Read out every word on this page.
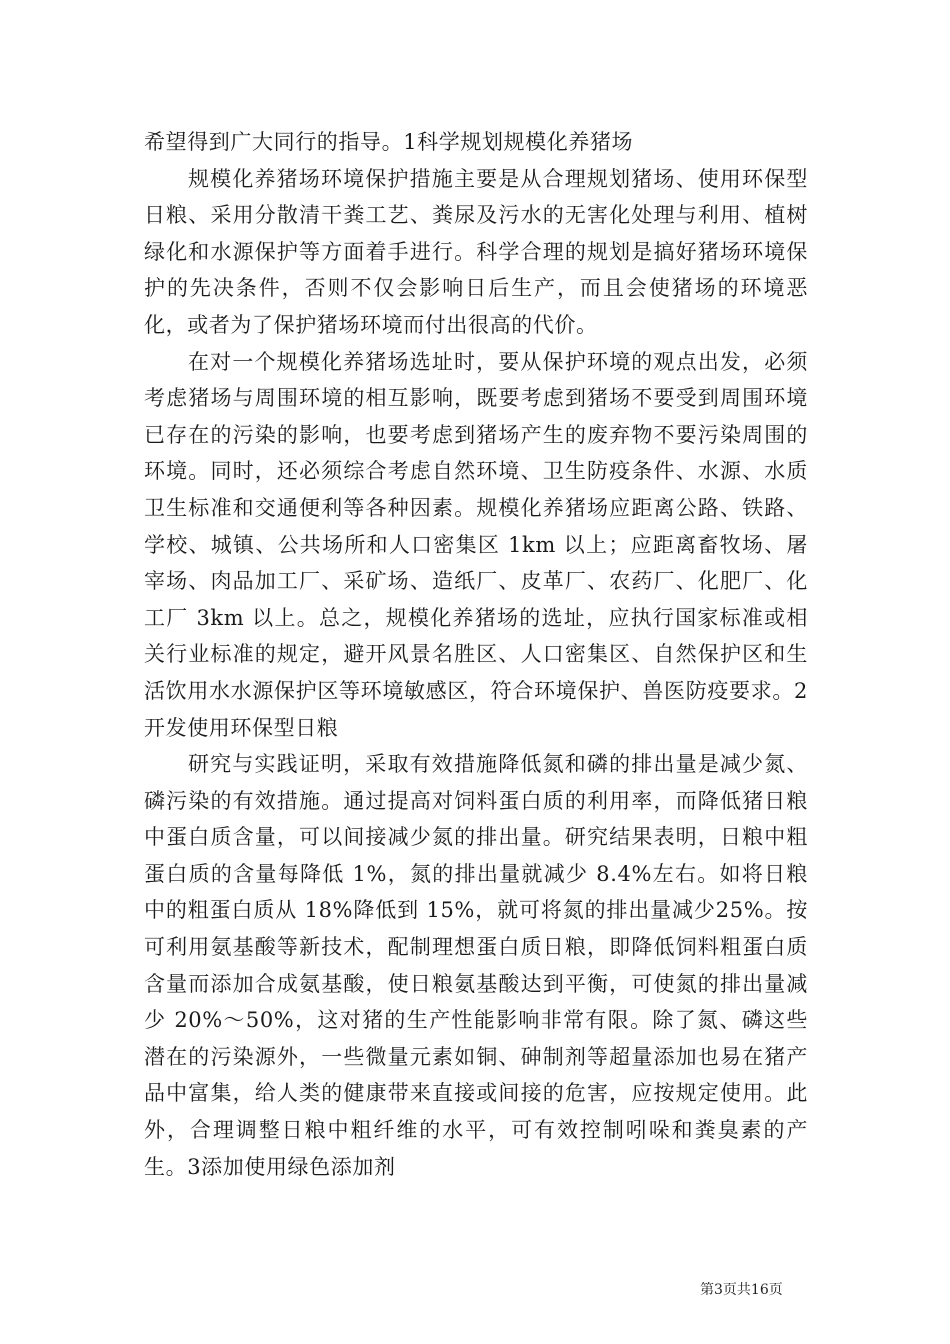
希望得到广大同行的指导。1科学规划规模化养猪场

规模化养猪场环境保护措施主要是从合理规划猪场、使用环保型日粮、采用分散清干粪工艺、粪尿及污水的无害化处理与利用、植树绿化和水源保护等方面着手进行。科学合理的规划是搞好猪场环境保护的先决条件，否则不仅会影响日后生产，而且会使猪场的环境恶化，或者为了保护猪场环境而付出很高的代价。

在对一个规模化养猪场选址时，要从保护环境的观点出发，必须考虑猪场与周围环境的相互影响，既要考虑到猪场不要受到周围环境已存在的污染的影响，也要考虑到猪场产生的废弃物不要污染周围的环境。同时，还必须综合考虑自然环境、卫生防疫条件、水源、水质卫生标准和交通便利等各种因素。规模化养猪场应距离公路、铁路、学校、城镇、公共场所和人口密集区 1km 以上；应距离畜牧场、屠宰场、肉品加工厂、采矿场、造纸厂、皮革厂、农药厂、化肥厂、化工厂 3km 以上。总之，规模化养猪场的选址，应执行国家标准或相关行业标准的规定，避开风景名胜区、人口密集区、自然保护区和生活饮用水水源保护区等环境敏感区，符合环境保护、兽医防疫要求。2开发使用环保型日粮

研究与实践证明，采取有效措施降低氮和磷的排出量是减少氮、磷污染的有效措施。通过提高对饲料蛋白质的利用率，而降低猪日粮中蛋白质含量，可以间接减少氮的排出量。研究结果表明，日粮中粗蛋白质的含量每降低 1%，氮的排出量就减少 8.4%左右。如将日粮中的粗蛋白质从 18%降低到 15%，就可将氮的排出量减少25%。按可利用氨基酸等新技术，配制理想蛋白质日粮，即降低饲料粗蛋白质含量而添加合成氨基酸，使日粮氨基酸达到平衡，可使氮的排出量减少 20%～50%，这对猪的生产性能影响非常有限。除了氮、磷这些潜在的污染源外，一些微量元素如铜、砷制剂等超量添加也易在猪产品中富集，给人类的健康带来直接或间接的危害，应按规定使用。此外，合理调整日粮中粗纤维的水平，可有效控制吲哚和粪臭素的产生。3添加使用绿色添加剂

第3页共16页
